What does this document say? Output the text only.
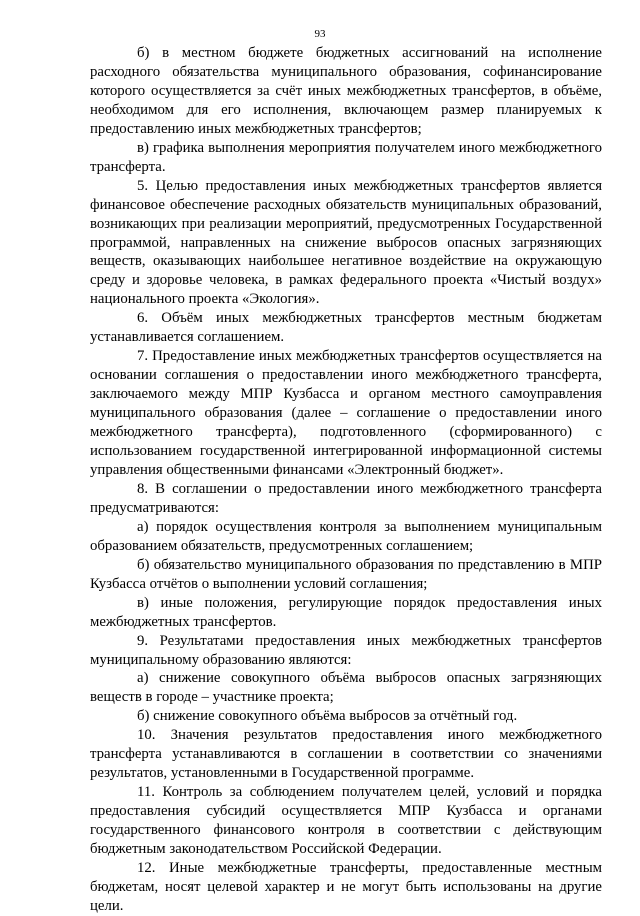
93

б) в местном бюджете бюджетных ассигнований на исполнение расходного обязательства муниципального образования, софинансирование которого осуществляется за счёт иных межбюджетных трансфертов, в объёме, необходимом для его исполнения, включающем размер планируемых к предоставлению иных межбюджетных трансфертов;

в) графика выполнения мероприятия получателем иного межбюджетного трансферта.

5. Целью предоставления иных межбюджетных трансфертов является финансовое обеспечение расходных обязательств муниципальных образований, возникающих при реализации мероприятий, предусмотренных Государственной программой, направленных на снижение выбросов опасных загрязняющих веществ, оказывающих наибольшее негативное воздействие на окружающую среду и здоровье человека, в рамках федерального проекта «Чистый воздух» национального проекта «Экология».

6. Объём иных межбюджетных трансфертов местным бюджетам устанавливается соглашением.

7. Предоставление иных межбюджетных трансфертов осуществляется на основании соглашения о предоставлении иного межбюджетного трансферта, заключаемого между МПР Кузбасса и органом местного самоуправления муниципального образования (далее – соглашение о предоставлении иного межбюджетного трансферта), подготовленного (сформированного) с использованием государственной интегрированной информационной системы управления общественными финансами «Электронный бюджет».

8. В соглашении о предоставлении иного межбюджетного трансферта предусматриваются:

а) порядок осуществления контроля за выполнением муниципальным образованием обязательств, предусмотренных соглашением;

б) обязательство муниципального образования по представлению в МПР Кузбасса отчётов о выполнении условий соглашения;

в) иные положения, регулирующие порядок предоставления иных межбюджетных трансфертов.

9. Результатами предоставления иных межбюджетных трансфертов муниципальному образованию являются:

а) снижение совокупного объёма выбросов опасных загрязняющих веществ в городе – участнике проекта;

б) снижение совокупного объёма выбросов за отчётный год.

10. Значения результатов предоставления иного межбюджетного трансферта устанавливаются в соглашении в соответствии со значениями результатов, установленными в Государственной программе.

11. Контроль за соблюдением получателем целей, условий и порядка предоставления субсидий осуществляется МПР Кузбасса и органами государственного финансового контроля в соответствии с действующим бюджетным законодательством Российской Федерации.

12. Иные межбюджетные трансферты, предоставленные местным бюджетам, носят целевой характер и не могут быть использованы на другие цели.
